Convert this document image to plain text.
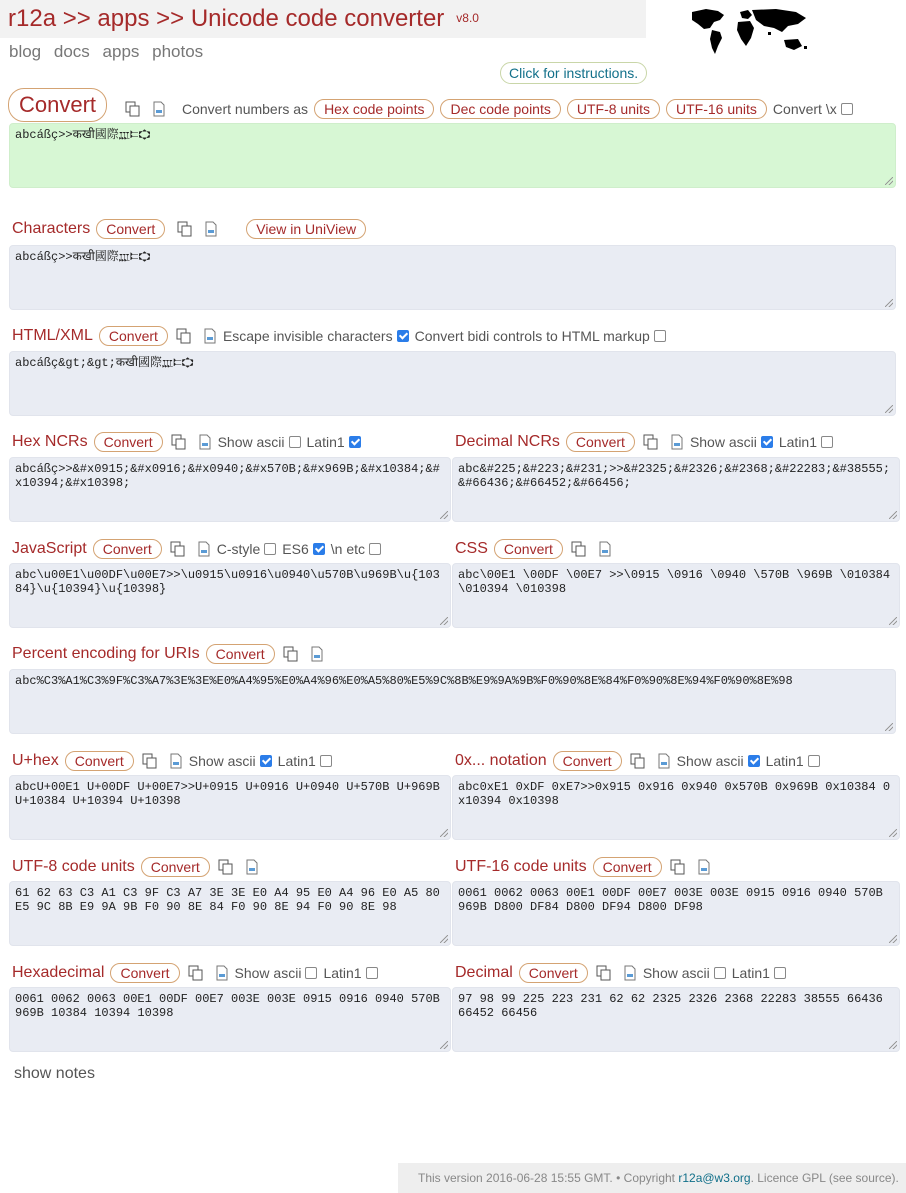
r12a >> apps >> Unicode code converter v8.0
blog docs apps photos
Click for instructions.
Convert	Convert numbers as	Hex code points	Dec code points	UTF-8 units	UTF-16 units	Convert \x
abcáßç>>कखी國際𐎄𐎔𐎘
Characters	Convert	View in UniView
abcáßç>>कखी國際𐎄𐎔𐎘
HTML/XML	Convert	Escape invisible characters Convert bidi controls to HTML markup
abcáßç&gt;&gt;कखी國際𐎄𐎔𐎘
Hex NCRs	Convert	Show ascii Latin1
abcáßç>>&#x0915;&#x0916;&#x0940;&#x570B;&#x969B;&#x10384;&#x10394;&#x10398;
Decimal NCRs	Convert	Show ascii Latin1
abc&#225;&#223;&#231;>>&#2325;&#2326;&#2368;&#22283;&#38555;&#66436;&#66452;&#66456;
JavaScript	Convert	C-style ES6 \n etc
abc\u00E1\u00DF\u00E7>>\u0915\u0916\u0940\u570B\u969B\u{10384}\u{10394}\u{10398}
CSS	Convert
abc\00E1 \00DF \00E7 >>\0915 \0916 \0940 \570B \969B \010384 \010394 \010398
Percent encoding for URIs	Convert
abc%C3%A1%C3%9F%C3%A7%3E%3E%E0%A4%95%E0%A4%96%E0%A5%80%E5%9C%8B%E9%9A%9B%F0%90%8E%84%F0%90%8E%94%F0%90%8E%98
U+hex	Convert	Show ascii Latin1
abcU+00E1 U+00DF U+00E7>>U+0915 U+0916 U+0940 U+570B U+969B U+10384 U+10394 U+10398
0x... notation	Convert	Show ascii Latin1
abc0xE1 0xDF 0xE7>>0x915 0x916 0x940 0x570B 0x969B 0x10384 0x10394 0x10398
UTF-8 code units	Convert
61 62 63 C3 A1 C3 9F C3 A7 3E 3E E0 A4 95 E0 A4 96 E0 A5 80 E5 9C 8B E9 9A 9B F0 90 8E 84 F0 90 8E 94 F0 90 8E 98
UTF-16 code units	Convert
0061 0062 0063 00E1 00DF 00E7 003E 003E 0915 0916 0940 570B 969B D800 DF84 D800 DF94 D800 DF98
Hexadecimal	Convert	Show ascii Latin1
0061 0062 0063 00E1 00DF 00E7 003E 003E 0915 0916 0940 570B 969B 10384 10394 10398
Decimal	Convert	Show ascii Latin1
97 98 99 225 223 231 62 62 2325 2326 2368 22283 38555 66436 66452 66456
show notes
This version 2016-06-28 15:55 GMT. • Copyright r12a@w3.org. Licence GPL (see source).
